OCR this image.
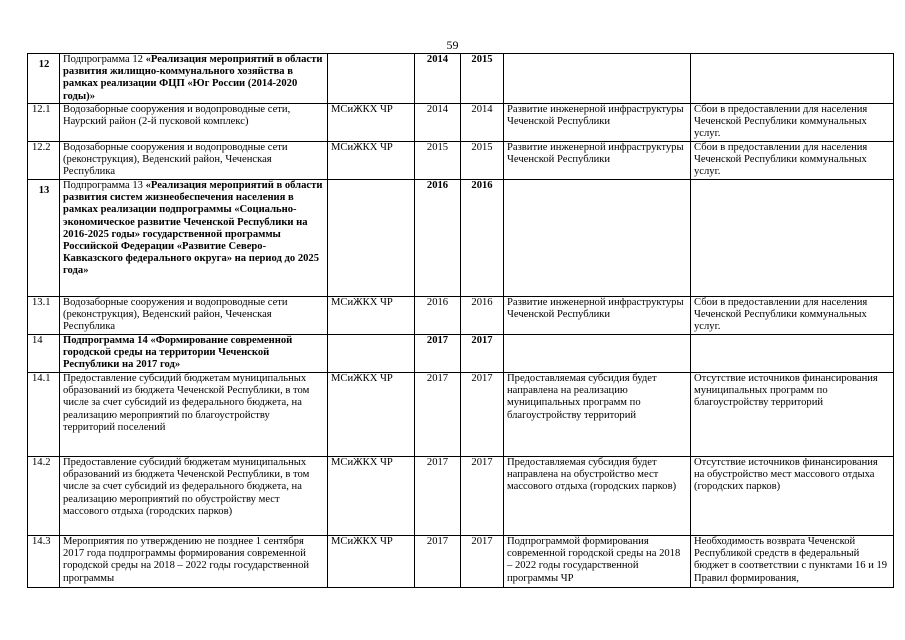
59
12	Подпрограмма 12 «Реализация мероприятий в области развития жилищно-коммунального хозяйства в рамках реализации ФЦП «Юг России (2014-2020 годы)»		2014	2015		
12.1	Водозаборные сооружения и водопроводные сети, Наурский район (2-й пусковой комплекс)	МСиЖКХ ЧР	2014	2014	Развитие инженерной инфраструктуры Чеченской Республики	Сбои в предоставлении для населения Чеченской Республики коммунальных услуг.
12.2	Водозаборные сооружения и водопроводные сети (реконструкция), Веденский район, Чеченская Республика	МСиЖКХ ЧР	2015	2015	Развитие инженерной инфраструктуры Чеченской Республики	Сбои в предоставлении для населения Чеченской Республики коммунальных услуг.
13	Подпрограмма 13 «Реализация мероприятий в области развития систем жизнеобеспечения населения в рамках реализации подпрограммы «Социально-экономическое развитие Чеченской Республики на 2016-2025 годы» государственной программы Российской Федерации «Развитие Северо-Кавказского федерального округа» на период до 2025 года»		2016	2016		
13.1	Водозаборные сооружения и водопроводные сети (реконструкция), Веденский район, Чеченская Республика	МСиЖКХ ЧР	2016	2016	Развитие инженерной инфраструктуры Чеченской Республики	Сбои в предоставлении для населения Чеченской Республики коммунальных услуг.
14	Подпрограмма 14 «Формирование современной городской среды на территории Чеченской Республики на 2017 год»		2017	2017		
14.1	Предоставление субсидий бюджетам муниципальных образований из бюджета Чеченской Республики, в том числе за счет субсидий из федерального бюджета, на реализацию мероприятий по благоустройству территорий поселений	МСиЖКХ ЧР	2017	2017	Предоставляемая субсидия будет направлена на реализацию муниципальных программ по благоустройству территорий	Отсутствие источников финансирования муниципальных программ по благоустройству территорий
14.2	Предоставление субсидий бюджетам муниципальных образований из бюджета Чеченской Республики, в том числе за счет субсидий из федерального бюджета, на реализацию мероприятий по обустройству мест массового отдыха (городских парков)	МСиЖКХ ЧР	2017	2017	Предоставляемая субсидия будет направлена на обустройство мест массового отдыха (городских парков)	Отсутствие источников финансирования на обустройство мест массового отдыха (городских парков)
14.3	Мероприятия по утверждению не позднее 1 сентября 2017 года подпрограммы формирования современной городской среды на 2018 – 2022 годы государственной программы	МСиЖКХ ЧР	2017	2017	Подпрограммой формирования современной городской среды на 2018 – 2022 годы государственной программы ЧР	Необходимость возврата Чеченской Республикой средств в федеральный бюджет в соответствии с пунктами 16 и 19 Правил формирования,
